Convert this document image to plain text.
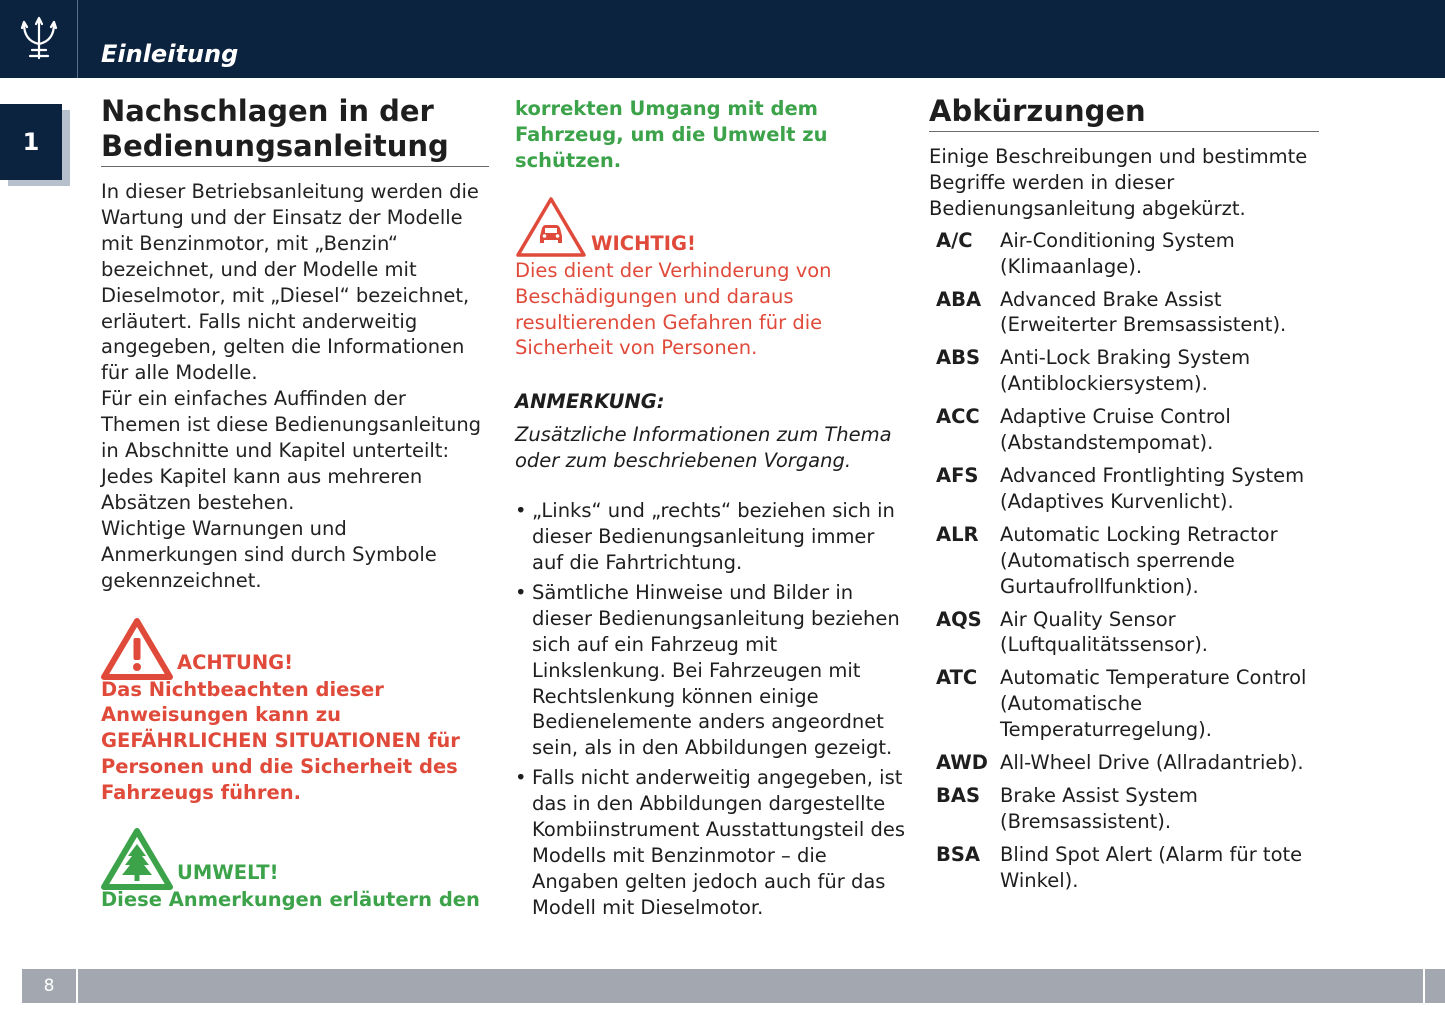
Einleitung
1
Nachschlagen in der
Bedienungsanleitung

In dieser Betriebsanleitung werden die Wartung und der Einsatz der Modelle mit Benzinmotor, mit „Benzin“ bezeichnet, und der Modelle mit Dieselmotor, mit „Diesel“ bezeichnet, erläutert. Falls nicht anderweitig angegeben, gelten die Informationen für alle Modelle.

Für ein einfaches Auffinden der Themen ist diese Bedienungsanleitung in Abschnitte und Kapitel unterteilt: Jedes Kapitel kann aus mehreren Absätzen bestehen.

Wichtige Warnungen und Anmerkungen sind durch Symbole gekennzeichnet.

ACHTUNG!
Das Nichtbeachten dieser Anweisungen kann zu GEFÄHRLICHEN SITUATIONEN für Personen und die Sicherheit des Fahrzeugs führen.
UMWELT!
Diese Anmerkungen erläutern den
korrekten Umgang mit dem Fahrzeug, um die Umwelt zu schützen.
WICHTIG!
Dies dient der Verhinderung von Beschädigungen und daraus resultierenden Gefahren für die Sicherheit von Personen.
ANMERKUNG:
Zusätzliche Informationen zum Thema oder zum beschriebenen Vorgang.
• „Links“ und „rechts“ beziehen sich in dieser Bedienungsanleitung immer auf die Fahrtrichtung.
• Sämtliche Hinweise und Bilder in dieser Bedienungsanleitung beziehen sich auf ein Fahrzeug mit Linkslenkung. Bei Fahrzeugen mit Rechtslenkung können einige Bedienelemente anders angeordnet sein, als in den Abbildungen gezeigt.
• Falls nicht anderweitig angegeben, ist das in den Abbildungen dargestellte Kombiinstrument Ausstattungsteil des Modells mit Benzinmotor – die Angaben gelten jedoch auch für das Modell mit Dieselmotor.
Abkürzungen
Einige Beschreibungen und bestimmte Begriffe werden in dieser Bedienungsanleitung abgekürzt.
A/C	Air-Conditioning System (Klimaanlage).
ABA Advanced Brake Assist (Erweiterter Bremsassistent).
ABS	Anti-Lock Braking System (Antiblockiersystem).
ACC	Adaptive Cruise Control (Abstandstempomat).
AFS	Advanced Frontlighting System (Adaptives Kurvenlicht).
ALR	Automatic Locking Retractor (Automatisch sperrende Gurtaufrollfunktion).
AQS Air Quality Sensor (Luftqualitätssensor).
ATC	Automatic Temperature Control (Automatische Temperaturregelung).
AWD All-Wheel Drive (Allradantrieb).
BAS	Brake Assist System (Bremsassistent).
BSA	Blind Spot Alert (Alarm für tote Winkel).
8
